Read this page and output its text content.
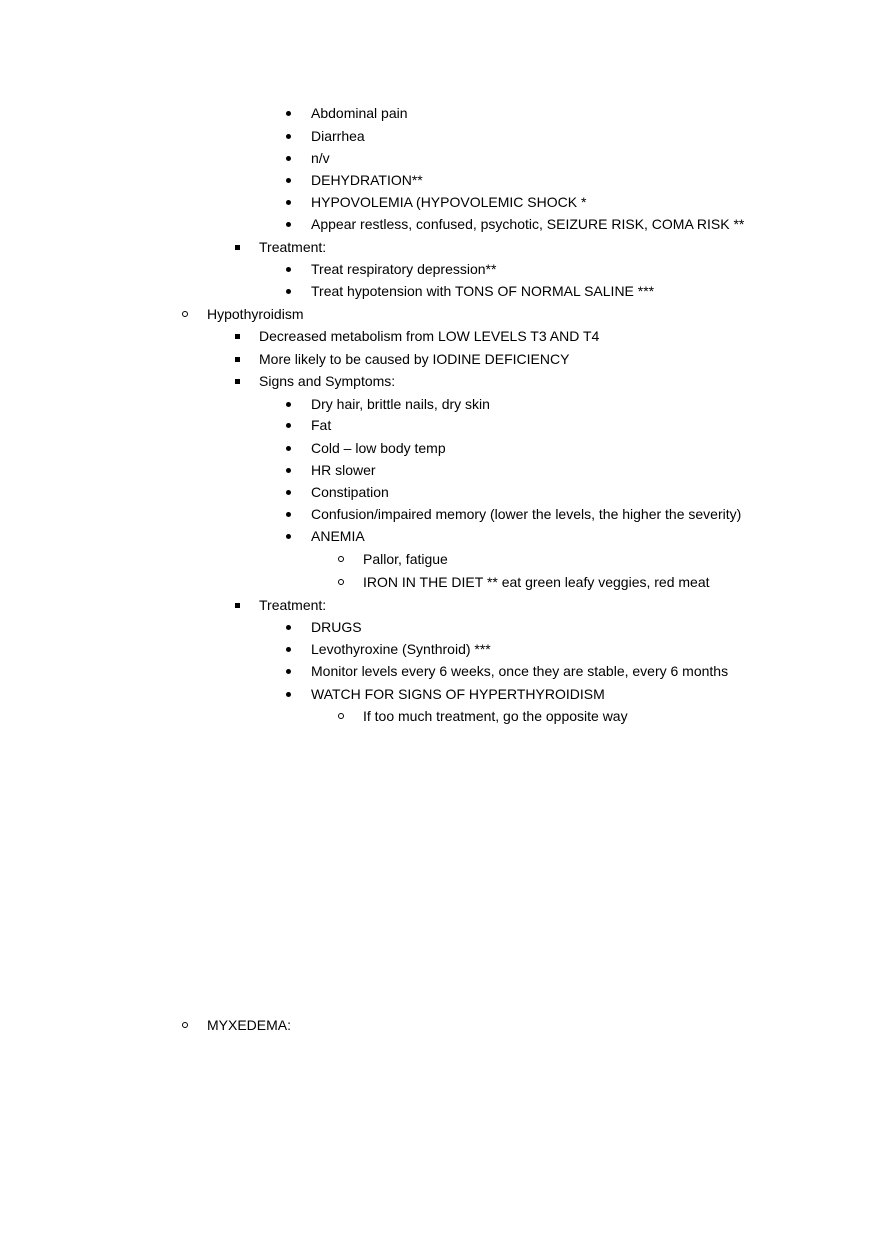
Abdominal pain
Diarrhea
n/v
DEHYDRATION**
HYPOVOLEMIA (HYPOVOLEMIC SHOCK *
Appear restless, confused, psychotic, SEIZURE RISK, COMA RISK **
Treatment:
Treat respiratory depression**
Treat hypotension with TONS OF NORMAL SALINE ***
Hypothyroidism
Decreased metabolism from LOW LEVELS T3 AND T4
More likely to be caused by IODINE DEFICIENCY
Signs and Symptoms:
Dry hair, brittle nails, dry skin
Fat
Cold – low body temp
HR slower
Constipation
Confusion/impaired memory (lower the levels, the higher the severity)
ANEMIA
Pallor, fatigue
IRON IN THE DIET ** eat green leafy veggies, red meat
Treatment:
DRUGS
Levothyroxine (Synthroid) ***
Monitor levels every 6 weeks, once they are stable, every 6 months
WATCH FOR SIGNS OF HYPERTHYROIDISM
If too much treatment, go the opposite way
MYXEDEMA:
